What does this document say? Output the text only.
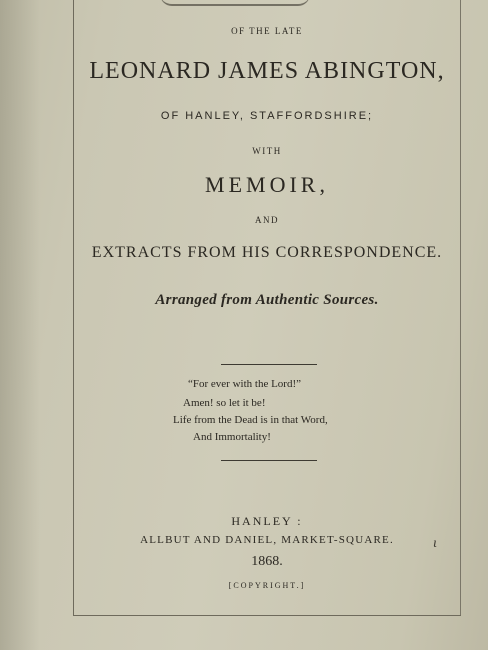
OF THE LATE
LEONARD JAMES ABINGTON,
OF HANLEY, STAFFORDSHIRE;
WITH
MEMOIR,
AND
EXTRACTS FROM HIS CORRESPONDENCE.
Arranged from Authentic Sources.
“For ever with the Lord!”
Amen! so let it be!
Life from the Dead is in that Word,
And Immortality!
HANLEY :
ALLBUT AND DANIEL, MARKET-SQUARE.
1868.
[COPYRIGHT.]
ɩ
